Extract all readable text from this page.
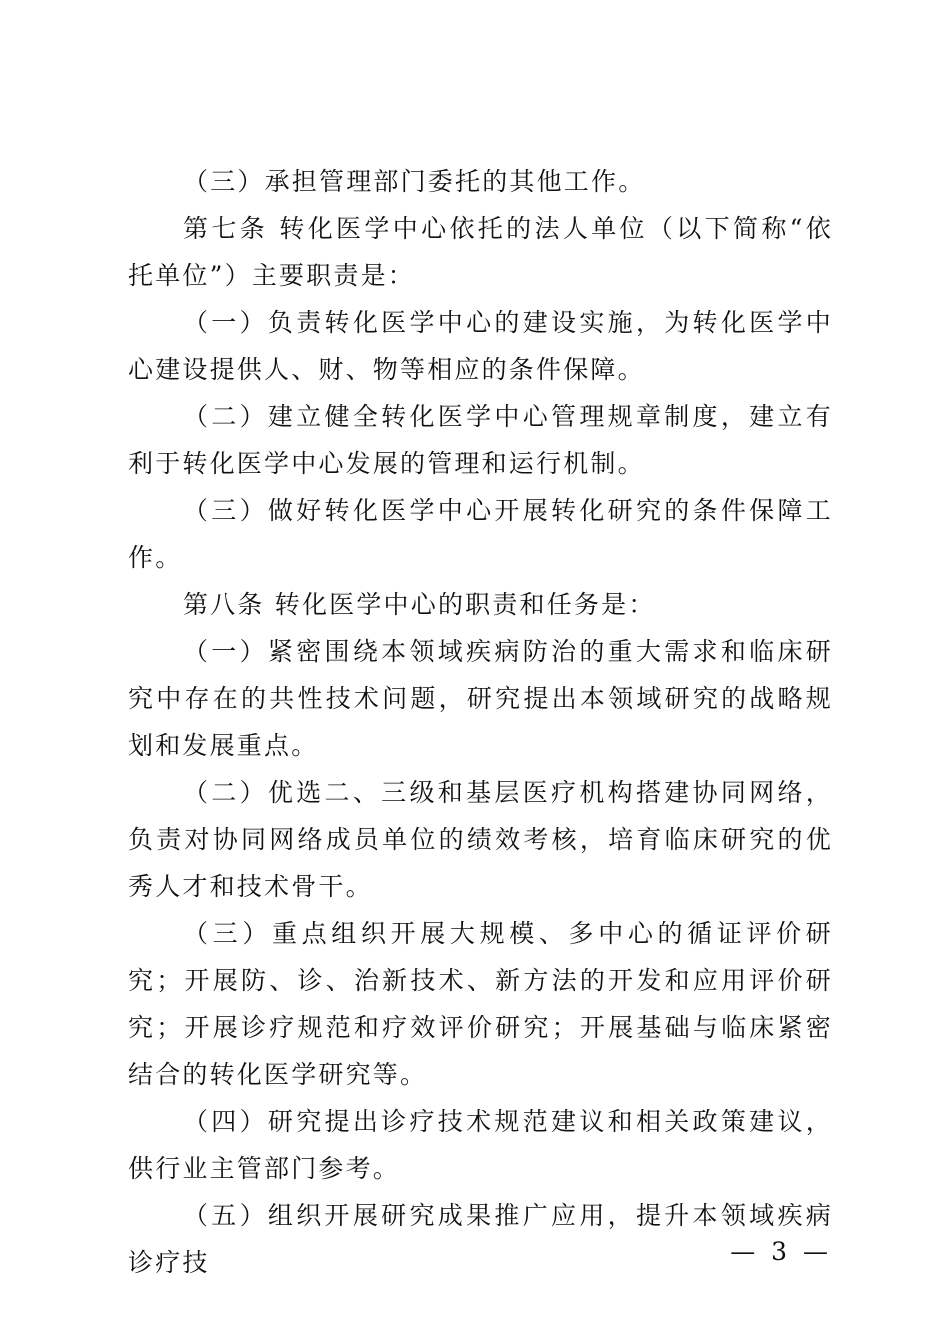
（三）承担管理部门委托的其他工作。

第七条 转化医学中心依托的法人单位（以下简称“依托单位”）主要职责是：

（一）负责转化医学中心的建设实施，为转化医学中心建设提供人、财、物等相应的条件保障。

（二）建立健全转化医学中心管理规章制度，建立有利于转化医学中心发展的管理和运行机制。

（三）做好转化医学中心开展转化研究的条件保障工作。

第八条 转化医学中心的职责和任务是：

（一）紧密围绕本领域疾病防治的重大需求和临床研究中存在的共性技术问题，研究提出本领域研究的战略规划和发展重点。

（二）优选二、三级和基层医疗机构搭建协同网络，负责对协同网络成员单位的绩效考核，培育临床研究的优秀人才和技术骨干。

（三）重点组织开展大规模、多中心的循证评价研究；开展防、诊、治新技术、新方法的开发和应用评价研究；开展诊疗规范和疗效评价研究；开展基础与临床紧密结合的转化医学研究等。

（四）研究提出诊疗技术规范建议和相关政策建议，供行业主管部门参考。

（五）组织开展研究成果推广应用，提升本领域疾病诊疗技	— 3 —
